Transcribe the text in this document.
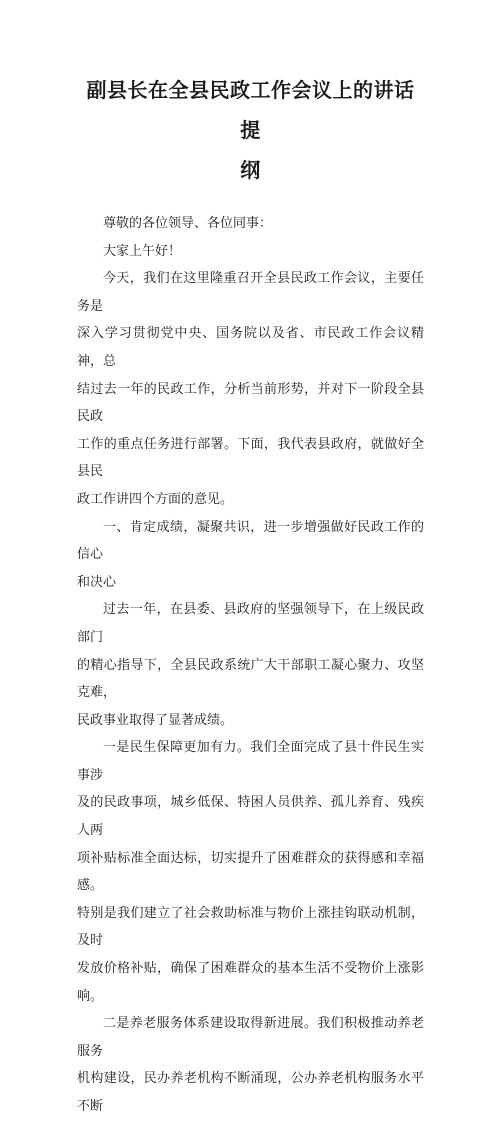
副县长在全县民政工作会议上的讲话提
纲

尊敬的各位领导、各位同事：

大家上午好！

今天，我们在这里隆重召开全县民政工作会议，主要任务是
深入学习贯彻党中央、国务院以及省、市民政工作会议精神，总
结过去一年的民政工作，分析当前形势，并对下一阶段全县民政
工作的重点任务进行部署。下面，我代表县政府，就做好全县民
政工作讲四个方面的意见。

一、肯定成绩，凝聚共识，进一步增强做好民政工作的信心
和决心

过去一年，在县委、县政府的坚强领导下，在上级民政部门
的精心指导下，全县民政系统广大干部职工凝心聚力、攻坚克难，
民政事业取得了显著成绩。

一是民生保障更加有力。我们全面完成了县十件民生实事涉
及的民政事项，城乡低保、特困人员供养、孤儿养育、残疾人两
项补贴标准全面达标，切实提升了困难群众的获得感和幸福感。
特别是我们建立了社会救助标准与物价上涨挂钩联动机制，及时
发放价格补贴，确保了困难群众的基本生活不受物价上涨影响。

二是养老服务体系建设取得新进展。我们积极推动养老服务
机构建设，民办养老机构不断涌现，公办养老机构服务水平不断
